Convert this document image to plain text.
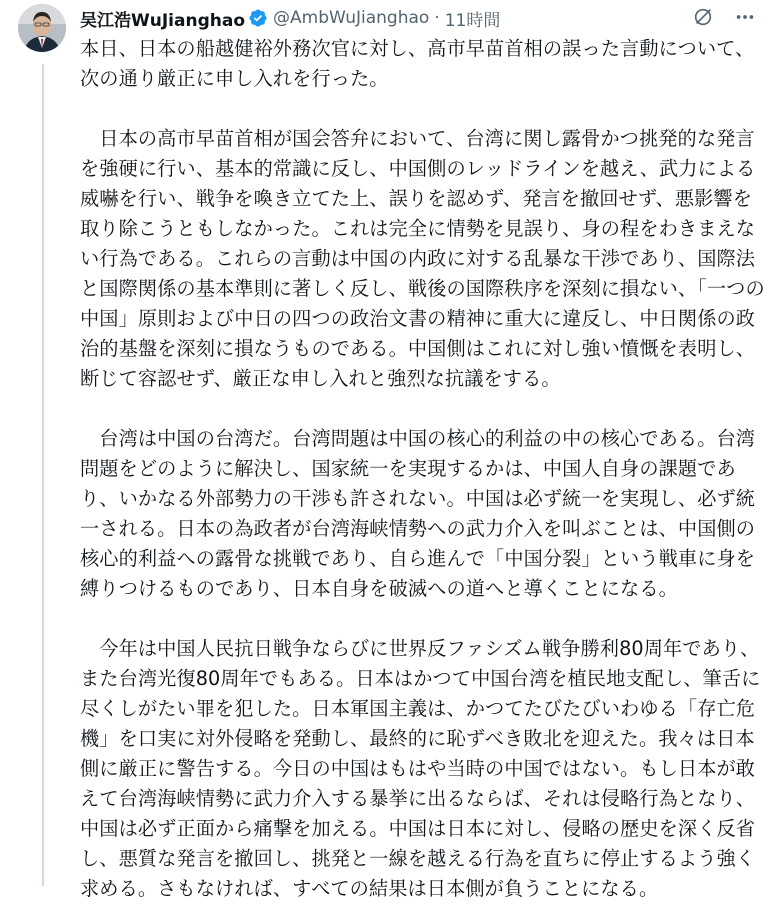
吴江浩WuJianghao @AmbWuJianghao · 11時間

本日、日本の船越健裕外務次官に対し、高市早苗首相の誤った言動について、次の通り厳正に申し入れを行った。

　日本の高市早苗首相が国会答弁において、台湾に関し露骨かつ挑発的な発言を強硬に行い、基本的常識に反し、中国側のレッドラインを越え、武力による威嚇を行い、戦争を喚き立てた上、誤りを認めず、発言を撤回せず、悪影響を取り除こうともしなかった。これは完全に情勢を見誤り、身の程をわきまえない行為である。これらの言動は中国の内政に対する乱暴な干渉であり、国際法と国際関係の基本準則に著しく反し、戦後の国際秩序を深刻に損ない、「一つの中国」原則および中日の四つの政治文書の精神に重大に違反し、中日関係の政治的基盤を深刻に損なうものである。中国側はこれに対し強い憤慨を表明し、断じて容認せず、厳正な申し入れと強烈な抗議をする。

　台湾は中国の台湾だ。台湾問題は中国の核心的利益の中の核心である。台湾問題をどのように解決し、国家統一を実現するかは、中国人自身の課題であり、いかなる外部勢力の干渉も許されない。中国は必ず統一を実現し、必ず統一される。日本の為政者が台湾海峡情勢への武力介入を叫ぶことは、中国側の核心的利益への露骨な挑戦であり、自ら進んで「中国分裂」という戦車に身を縛りつけるものであり、日本自身を破滅への道へと導くことになる。

　今年は中国人民抗日戦争ならびに世界反ファシズム戦争勝利80周年であり、また台湾光復80周年でもある。日本はかつて中国台湾を植民地支配し、筆舌に尽くしがたい罪を犯した。日本軍国主義は、かつてたびたびいわゆる「存亡危機」を口実に対外侵略を発動し、最終的に恥ずべき敗北を迎えた。我々は日本側に厳正に警告する。今日の中国はもはや当時の中国ではない。もし日本が敢えて台湾海峡情勢に武力介入する暴挙に出るならば、それは侵略行為となり、中国は必ず正面から痛撃を加える。中国は日本に対し、侵略の歴史を深く反省し、悪質な発言を撤回し、挑発と一線を越える行為を直ちに停止するよう強く求める。さもなければ、すべての結果は日本側が負うことになる。
